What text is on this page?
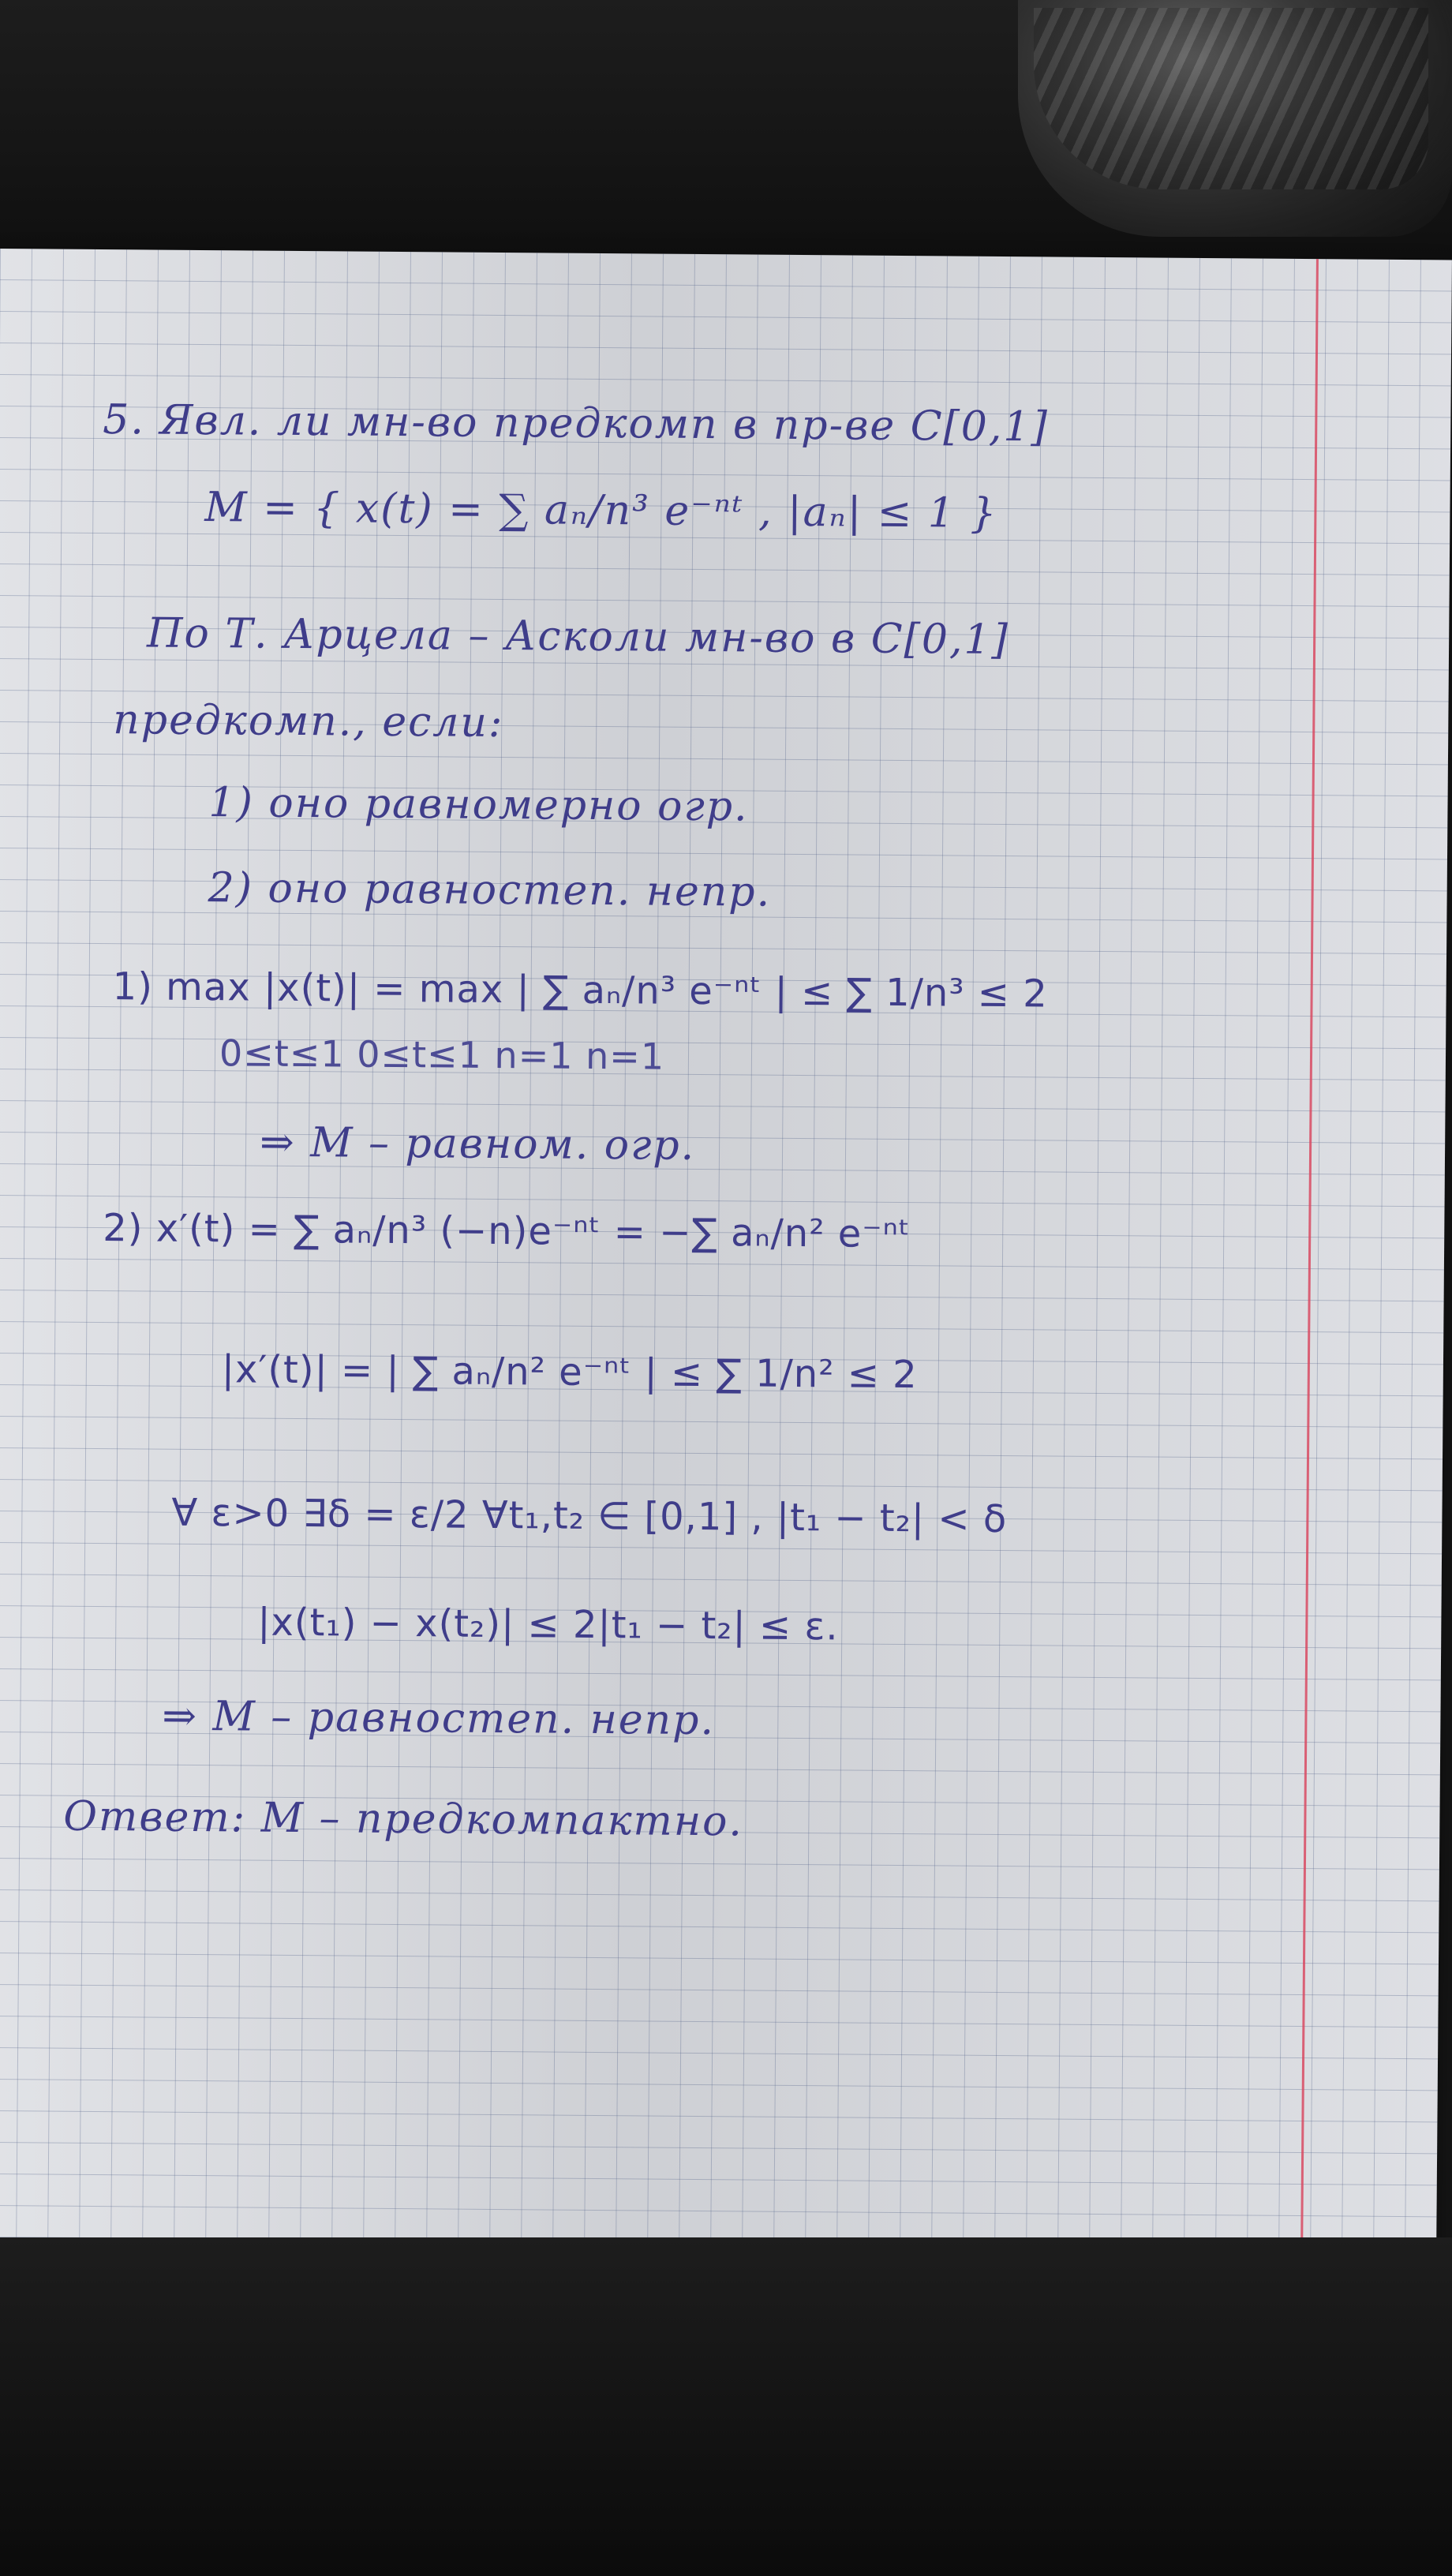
5. Явл. ли мн-во предкомп в пр-ве C[0,1]
M = { x(t) = ∑ aₙ/n³ e⁻ⁿᵗ , |aₙ| ≤ 1 }
По Т. Арцела – Асколи мн-во в C[0,1]
предкомп., если:
1) оно равномерно огр.
2) оно равностеп. непр.
1) max |x(t)| = max | ∑ aₙ/n³ e⁻ⁿᵗ | ≤ ∑ 1/n³ ≤ 2
0≤t≤1 0≤t≤1 n=1 n=1
⇒ M – равном. огр.
2) x′(t) = ∑ aₙ/n³ (−n)e⁻ⁿᵗ = −∑ aₙ/n² e⁻ⁿᵗ
|x′(t)| = | ∑ aₙ/n² e⁻ⁿᵗ | ≤ ∑ 1/n² ≤ 2
∀ ε>0 ∃δ = ε/2 ∀t₁,t₂ ∈ [0,1] , |t₁ − t₂| < δ
|x(t₁) − x(t₂)| ≤ 2|t₁ − t₂| ≤ ε.
⇒ M – равностеп. непр.
Ответ: M – предкомпактно.
